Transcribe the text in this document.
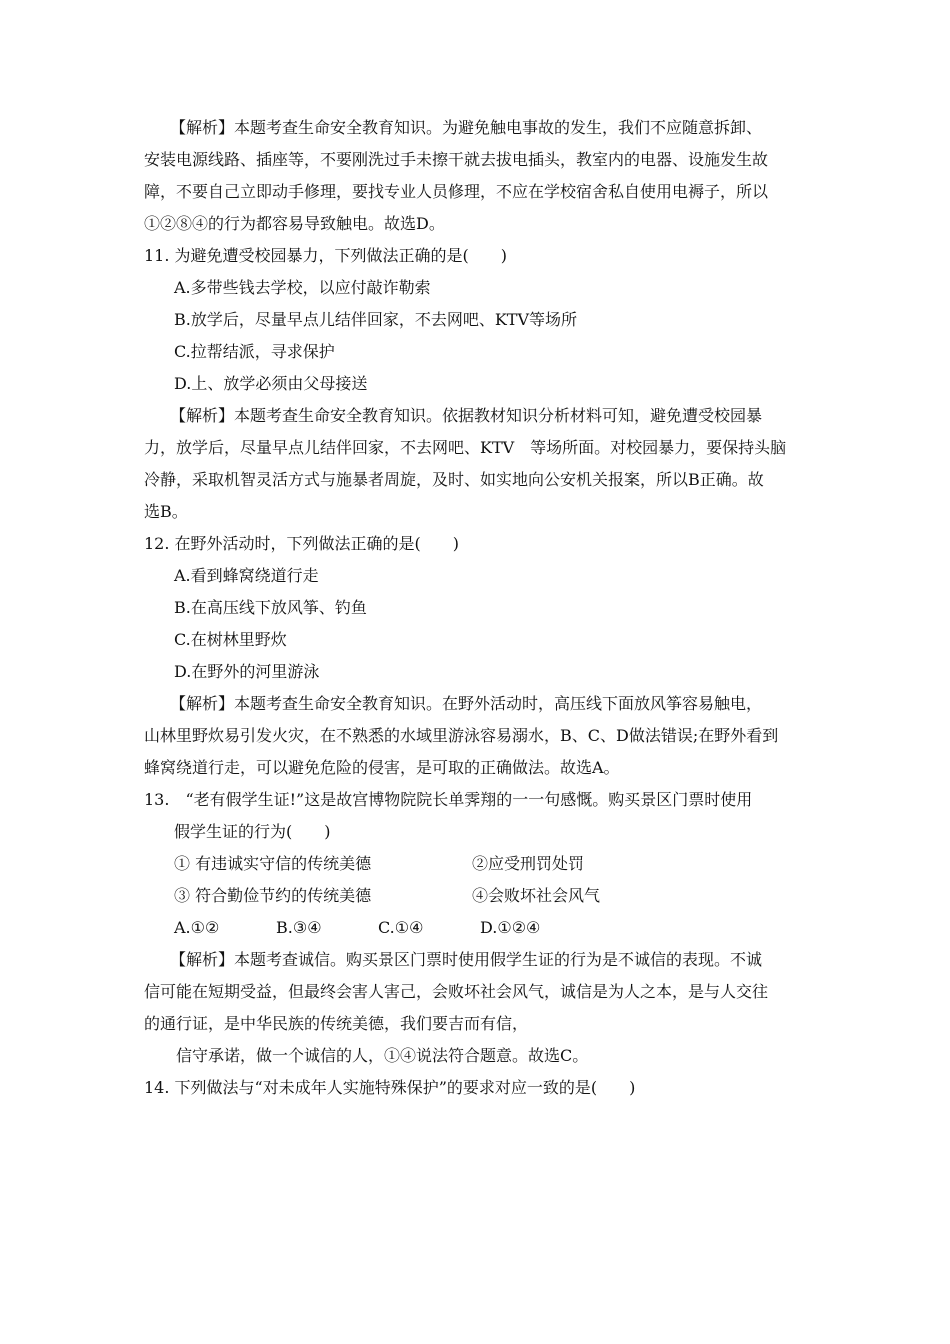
【解析】本题考查生命安全教育知识。为避免触电事故的发生，我们不应随意拆卸、
安装电源线路、插座等，不要刚洗过手未擦干就去拔电插头，教室内的电器、设施发生故
障，不要自己立即动手修理，要找专业人员修理，不应在学校宿舍私自使用电褥子，所以
①②⑧④的行为都容易导致触电。故选D。
11. 为避免遭受校园暴力，下列做法正确的是(　　)
A.多带些钱去学校，以应付敲诈勒索
B.放学后，尽量早点儿结伴回家，不去网吧、KTV等场所
C.拉帮结派，寻求保护
D.上、放学必须由父母接送
【解析】本题考查生命安全教育知识。依据教材知识分析材料可知，避免遭受校园暴
力，放学后，尽量早点儿结伴回家，不去网吧、KTV　等场所面。对校园暴力，要保持头脑
冷静，采取机智灵活方式与施暴者周旋，及时、如实地向公安机关报案，所以B正确。故
选B。
12. 在野外活动时，下列做法正确的是(　　)
A.看到蜂窝绕道行走
B.在高压线下放风筝、钓鱼
C.在树林里野炊
D.在野外的河里游泳
【解析】本题考查生命安全教育知识。在野外活动时，高压线下面放风筝容易触电，
山林里野炊易引发火灾，在不熟悉的水域里游泳容易溺水，B、C、D做法错误;在野外看到
蜂窝绕道行走，可以避免危险的侵害，是可取的正确做法。故选A。
13.　“老有假学生证!”这是故宫博物院院长单霁翔的一一句感慨。购买景区门票时使用
假学生证的行为(　　)
① 有违诚实守信的传统美德	②应受刑罚处罚
③ 符合勤俭节约的传统美德	④会败坏社会风气
A.①②	B.③④	C.①④	D.①②④
【解析】本题考查诚信。购买景区门票时使用假学生证的行为是不诚信的表现。不诚
信可能在短期受益，但最终会害人害己，会败坏社会风气，诚信是为人之本，是与人交往
的通行证，是中华民族的传统美德，我们要吉而有信，
信守承诺，做一个诚信的人，①④说法符合题意。故选C。
14. 下列做法与“对未成年人实施特殊保护”的要求对应一致的是(　　)
